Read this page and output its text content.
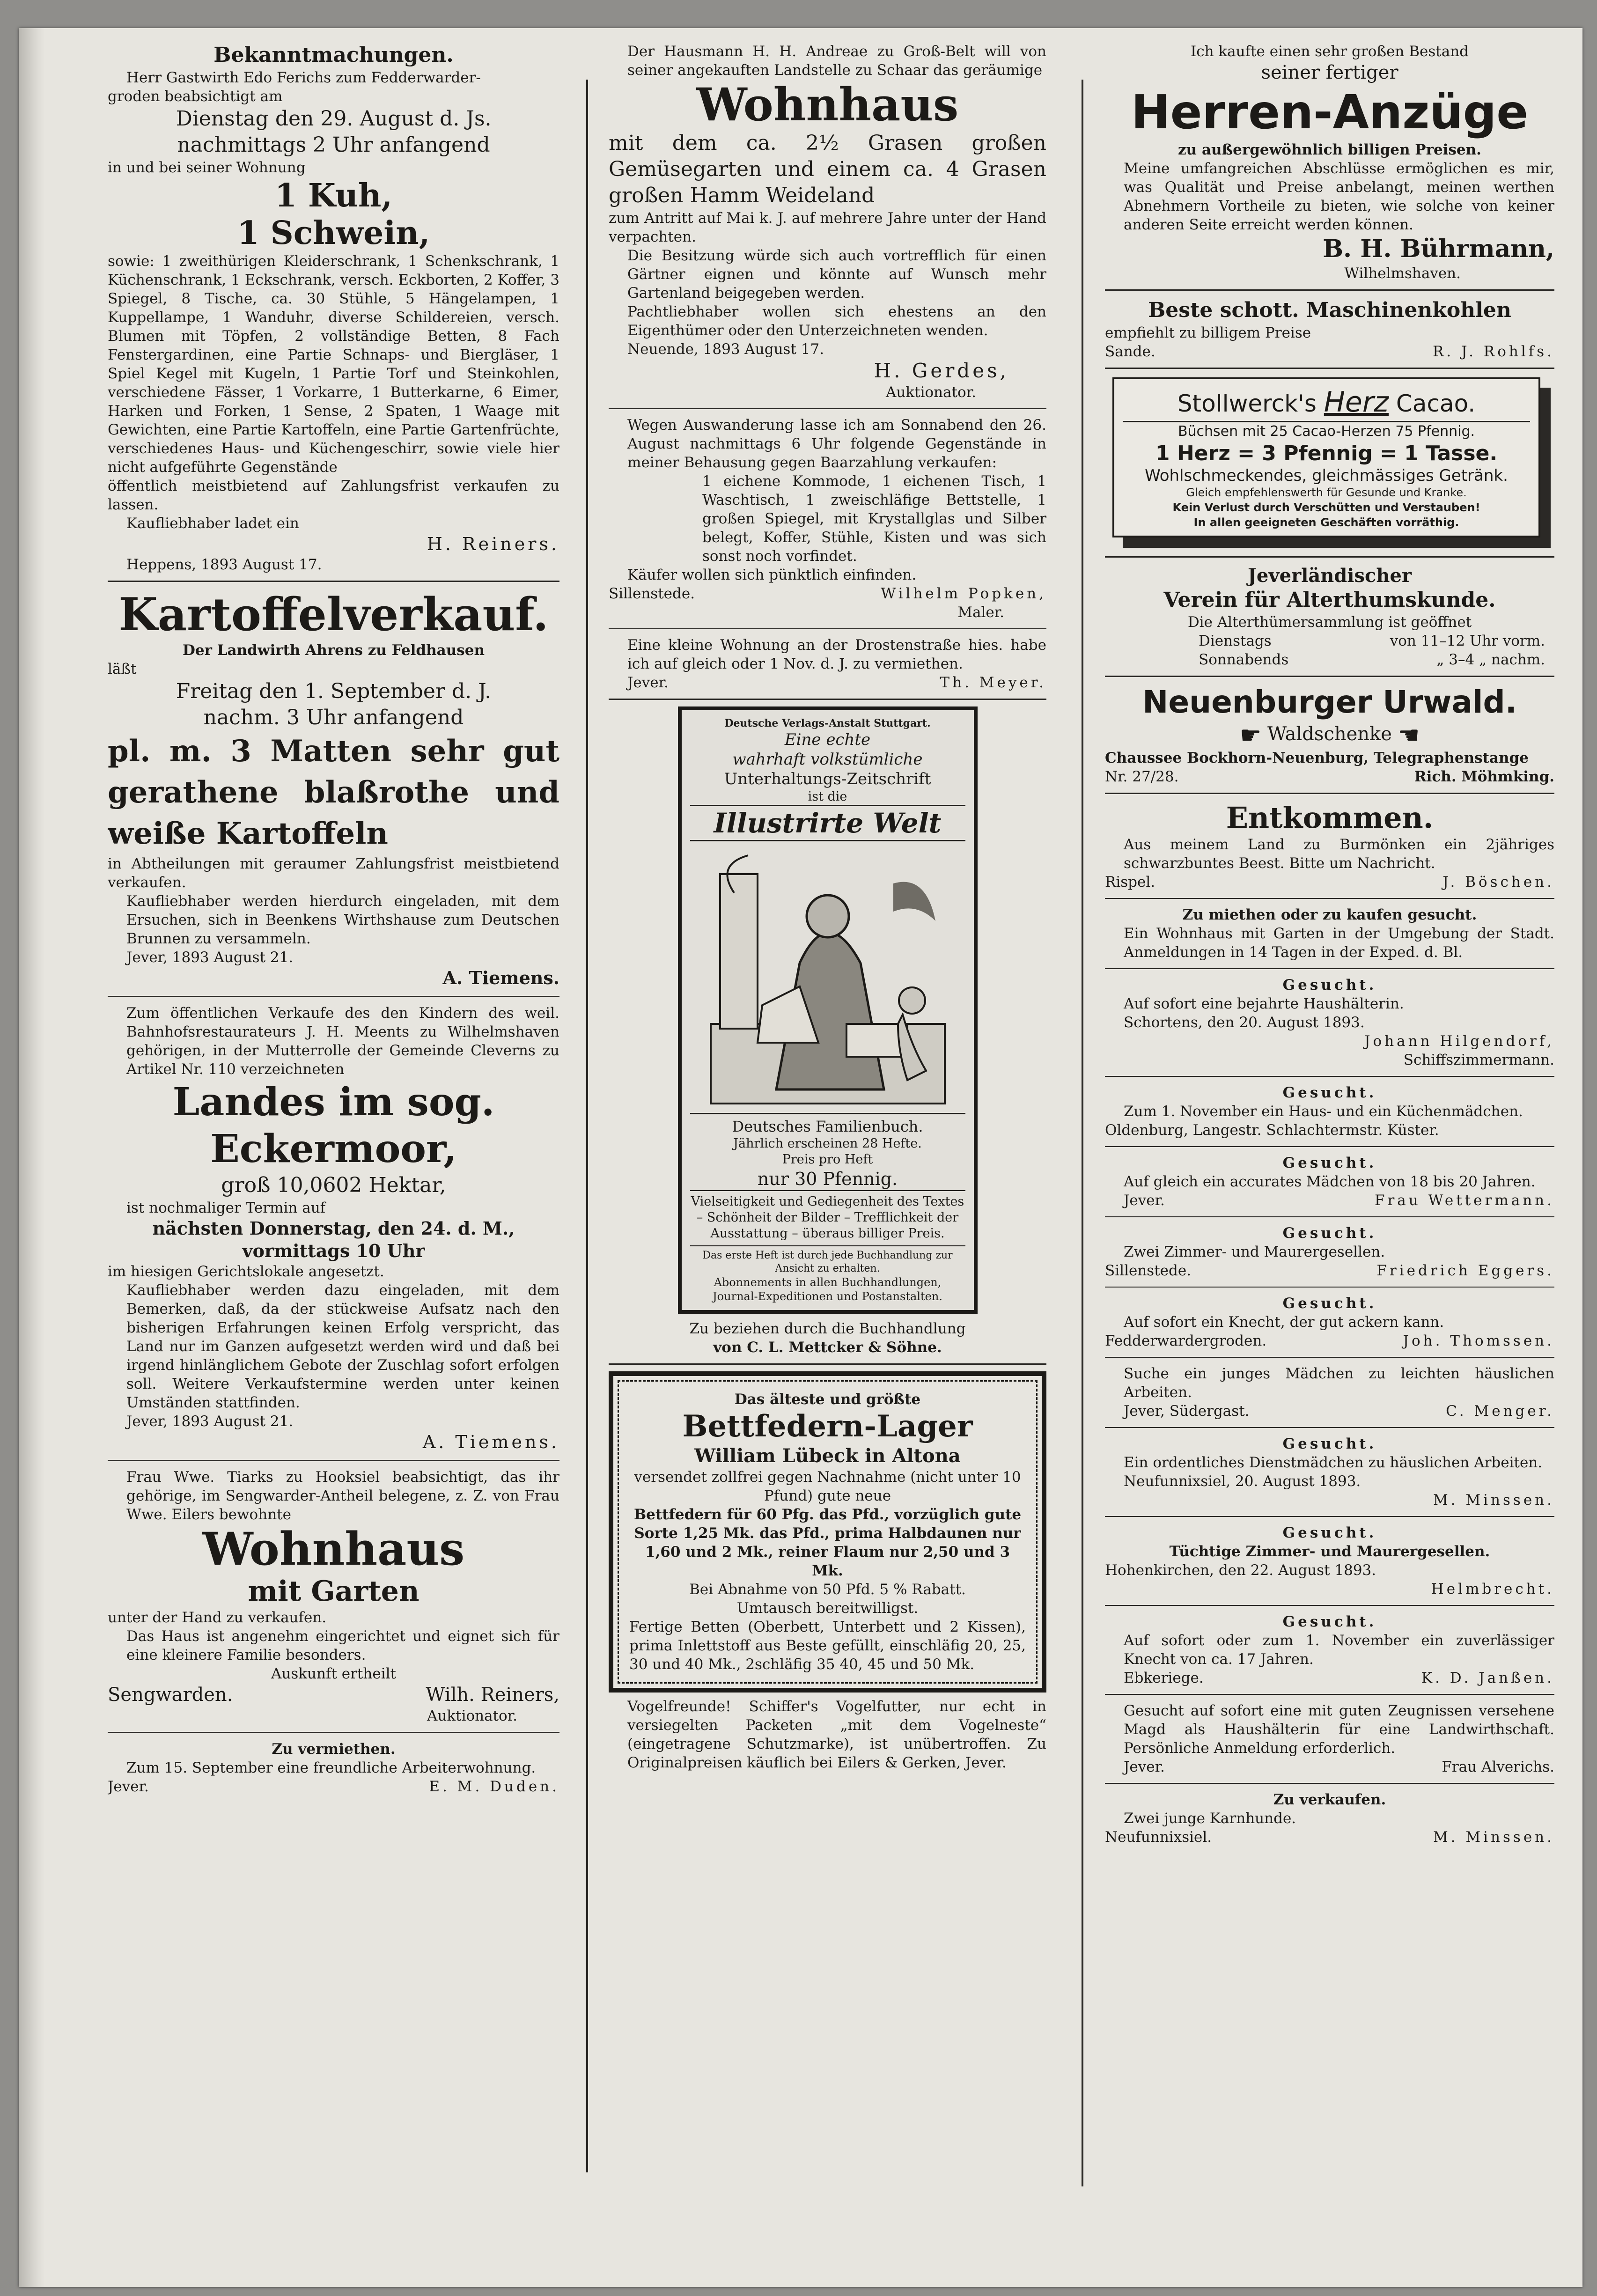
Bekanntmachungen.

Herr Gastwirth Edo Ferichs zum Fedderwarder-

groden beabsichtigt am

Dienstag den 29. August d. Js.
nachmittags 2 Uhr anfangend

in und bei seiner Wohnung

1 Kuh,
1 Schwein,

sowie: 1 zweithürigen Kleiderschrank, 1 Schenkschrank, 1 Küchenschrank, 1 Eckschrank, versch. Eckborten, 2 Koffer, 3 Spiegel, 8 Tische, ca. 30 Stühle, 5 Hängelampen, 1 Kuppellampe, 1 Wanduhr, diverse Schildereien, versch. Blumen mit Töpfen, 2 vollständige Betten, 8 Fach Fenstergardinen, eine Partie Schnaps- und Biergläser, 1 Spiel Kegel mit Kugeln, 1 Partie Torf und Steinkohlen, verschiedene Fässer, 1 Vorkarre, 1 Butterkarne, 6 Eimer, Harken und Forken, 1 Sense, 2 Spaten, 1 Waage mit Gewichten, eine Partie Kartoffeln, eine Partie Gartenfrüchte, verschiedenes Haus- und Küchengeschirr, sowie viele hier nicht aufgeführte Gegenstände

öffentlich meistbietend auf Zahlungsfrist verkaufen zu lassen.

Kaufliebhaber ladet ein

H. Reiners.

Heppens, 1893 August 17.

Kartoffelverkauf.

Der Landwirth Ahrens zu Feldhausen

läßt

Freitag den 1. September d. J.
nachm. 3 Uhr anfangend
pl. m. 3 Matten sehr gut gerathene blaßrothe und weiße Kartoffeln

in Abtheilungen mit geraumer Zahlungsfrist meistbietend verkaufen.

Kaufliebhaber werden hierdurch eingeladen, mit dem Ersuchen, sich in Beenkens Wirthshause zum Deutschen Brunnen zu versammeln.

Jever, 1893 August 21.

A. Tiemens.

Zum öffentlichen Verkaufe des den Kindern des weil. Bahnhofsrestaurateurs J. H. Meents zu Wilhelmshaven gehörigen, in der Mutterrolle der Gemeinde Cleverns zu Artikel Nr. 110 verzeichneten

Landes im sog. Eckermoor,
groß 10,0602 Hektar,

ist nochmaliger Termin auf

nächsten Donnerstag, den 24. d. M.,
vormittags 10 Uhr

im hiesigen Gerichtslokale angesetzt.

Kaufliebhaber werden dazu eingeladen, mit dem Bemerken, daß, da der stückweise Aufsatz nach den bisherigen Erfahrungen keinen Erfolg verspricht, das Land nur im Ganzen aufgesetzt werden wird und daß bei irgend hinlänglichem Gebote der Zuschlag sofort erfolgen soll. Weitere Verkaufstermine werden unter keinen Umständen stattfinden.

Jever, 1893 August 21.

A. Tiemens.

Frau Wwe. Tiarks zu Hooksiel beabsichtigt, das ihr gehörige, im Sengwarder-Antheil belegene, z. Z. von Frau Wwe. Eilers bewohnte

Wohnhaus
mit Garten

unter der Hand zu verkaufen.

Das Haus ist angenehm eingerichtet und eignet sich für eine kleinere Familie besonders.

Auskunft ertheilt

Sengwarden.	Wilh. Reiners,

Auktionator.

Zu vermiethen.

Zum 15. September eine freundliche Arbeiterwohnung.

Jever.	E. M. Duden.

Der Hausmann H. H. Andreae zu Groß-Belt will von seiner angekauften Landstelle zu Schaar das geräumige

Wohnhaus
mit dem ca. 2½ Grasen großen Gemüsegarten und einem ca. 4 Grasen großen Hamm Weideland

zum Antritt auf Mai k. J. auf mehrere Jahre unter der Hand verpachten.

Die Besitzung würde sich auch vortrefflich für einen Gärtner eignen und könnte auf Wunsch mehr Gartenland beigegeben werden.

Pachtliebhaber wollen sich ehestens an den Eigenthümer oder den Unterzeichneten wenden.

Neuende, 1893 August 17.

H. Gerdes,

Auktionator.

Wegen Auswanderung lasse ich am Sonnabend den 26. August nachmittags 6 Uhr folgende Gegenstände in meiner Behausung gegen Baarzahlung verkaufen:

1 eichene Kommode, 1 eichenen Tisch, 1 Waschtisch, 1 zweischläfige Bettstelle, 1 großen Spiegel, mit Krystallglas und Silber belegt, Koffer, Stühle, Kisten und was sich sonst noch vorfindet.

Käufer wollen sich pünktlich einfinden.

Sillenstede.	Wilhelm Popken,

Maler.

Eine kleine Wohnung an der Drostenstraße hies. habe ich auf gleich oder 1 Nov. d. J. zu vermiethen.

Jever.	Th. Meyer.
Deutsche Verlags-Anstalt Stuttgart.
Eine echte
wahrhaft volkstümliche
Unterhaltungs-Zeitschrift
ist die
Illustrirte Welt
Deutsches Familienbuch.
Jährlich erscheinen 28 Hefte.
Preis pro Heft
nur 30 Pfennig.
Vielseitigkeit und Gediegenheit des Textes – Schönheit der Bilder – Trefflichkeit der Ausstattung – überaus billiger Preis.
Das erste Heft ist durch jede Buchhandlung zur Ansicht zu erhalten.
Abonnements in allen Buchhandlungen, Journal-Expeditionen und Postanstalten.

Zu beziehen durch die Buchhandlung

von C. L. Mettcker & Söhne.

Das älteste und größte

Bettfedern-Lager

William Lübeck in Altona

versendet zollfrei gegen Nachnahme (nicht unter 10 Pfund) gute neue

Bettfedern für 60 Pfg. das Pfd., vorzüglich gute Sorte 1,25 Mk. das Pfd., prima Halbdaunen nur 1,60 und 2 Mk., reiner Flaum nur 2,50 und 3 Mk.

Bei Abnahme von 50 Pfd. 5 % Rabatt.

Umtausch bereitwilligst.

Fertige Betten (Oberbett, Unterbett und 2 Kissen), prima Inlettstoff aus Beste gefüllt, einschläfig 20, 25, 30 und 40 Mk., 2schläfig 35 40, 45 und 50 Mk.

Vogelfreunde! Schiffer's Vogelfutter, nur echt in versiegelten Packeten „mit dem Vogelneste“ (eingetragene Schutzmarke), ist unübertroffen. Zu Originalpreisen käuflich bei Eilers & Gerken, Jever.

Ich kaufte einen sehr großen Bestand

seiner fertiger

Herren-Anzüge

zu außergewöhnlich billigen Preisen.

Meine umfangreichen Abschlüsse ermöglichen es mir, was Qualität und Preise anbelangt, meinen werthen Abnehmern Vortheile zu bieten, wie solche von keiner anderen Seite erreicht werden können.

B. H. Bührmann,

Wilhelmshaven.

Beste schott. Maschinenkohlen

empfiehlt zu billigem Preise

Sande.	R. J. Rohlfs.
Stollwerck's Herz Cacao.

Büchsen mit 25 Cacao-Herzen 75 Pfennig.

1 Herz = 3 Pfennig = 1 Tasse.

Wohlschmeckendes, gleichmässiges Getränk.

Gleich empfehlenswerth für Gesunde und Kranke.

Kein Verlust durch Verschütten und Verstauben!

In allen geeigneten Geschäften vorräthig.

Jeverländischer

Verein für Alterthumskunde.

Die Alterthümersammlung ist geöffnet

Dienstags	von 11–12 Uhr vorm.
Sonnabends	„ 3–4 „ nachm.
Neuenburger Urwald.
☛ Waldschenke ☚

Chaussee Bockhorn-Neuenburg, Telegraphenstange

Nr. 27/28.	Rich. Möhmking.
Entkommen.

Aus meinem Land zu Burmönken ein 2jähriges schwarzbuntes Beest. Bitte um Nachricht.

Rispel.	J. Böschen.

Zu miethen oder zu kaufen gesucht.

Ein Wohnhaus mit Garten in der Umgebung der Stadt. Anmeldungen in 14 Tagen in der Exped. d. Bl.

Gesucht.

Auf sofort eine bejahrte Haushälterin.

Schortens, den 20. August 1893.

Johann Hilgendorf,

Schiffszimmermann.

Gesucht.

Zum 1. November ein Haus- und ein Küchenmädchen.

Oldenburg, Langestr. Schlachtermstr. Küster.

Gesucht.

Auf gleich ein accurates Mädchen von 18 bis 20 Jahren.

Jever.	Frau Wettermann.

Gesucht.

Zwei Zimmer- und Maurergesellen.

Sillenstede.	Friedrich Eggers.

Gesucht.

Auf sofort ein Knecht, der gut ackern kann.

Fedderwardergroden.	Joh. Thomssen.

Suche ein junges Mädchen zu leichten häuslichen Arbeiten.

Jever, Südergast.	C. Menger.

Gesucht.

Ein ordentliches Dienstmädchen zu häuslichen Arbeiten.

Neufunnixsiel, 20. August 1893.

M. Minssen.

Gesucht.

Tüchtige Zimmer- und Maurergesellen.

Hohenkirchen, den 22. August 1893.

Helmbrecht.

Gesucht.

Auf sofort oder zum 1. November ein zuverlässiger Knecht von ca. 17 Jahren.

Ebkeriege.	K. D. Janßen.

Gesucht auf sofort eine mit guten Zeugnissen versehene Magd als Haushälterin für eine Landwirthschaft. Persönliche Anmeldung erforderlich.

Jever.	Frau Alverichs.

Zu verkaufen.

Zwei junge Karnhunde.

Neufunnixsiel.	M. Minssen.
